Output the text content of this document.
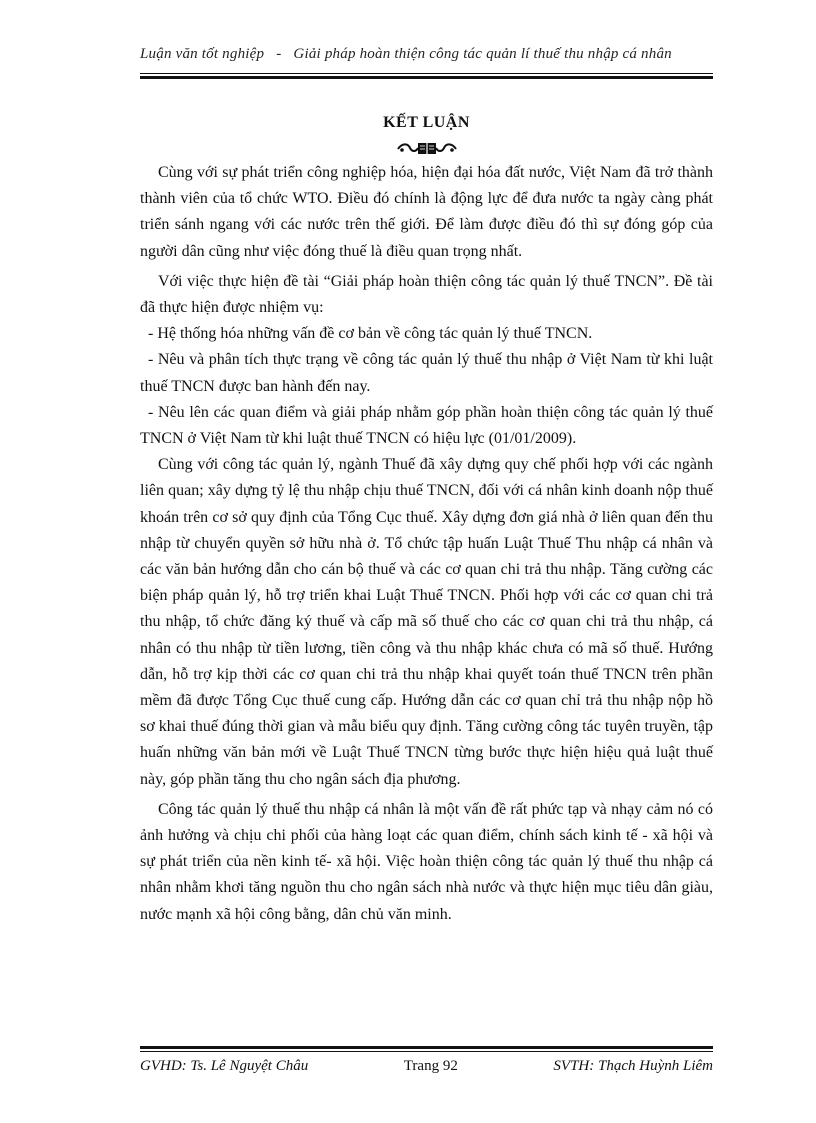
Luận văn tốt nghiệp - Giải pháp hoàn thiện công tác quản lí thuế thu nhập cá nhân
KẾT LUẬN

Cùng với sự phát triển công nghiệp hóa, hiện đại hóa đất nước, Việt Nam đã trở thành thành viên của tổ chức WTO. Điều đó chính là động lực để đưa nước ta ngày càng phát triển sánh ngang với các nước trên thế giới. Để làm được điều đó thì sự đóng góp của người dân cũng như việc đóng thuế là điều quan trọng nhất.

Với việc thực hiện đề tài “Giải pháp hoàn thiện công tác quản lý thuế TNCN”. Đề tài đã thực hiện được nhiệm vụ:

- Hệ thống hóa những vấn đề cơ bản về công tác quản lý thuế TNCN.

- Nêu và phân tích thực trạng về công tác quản lý thuế thu nhập ở Việt Nam từ khi luật thuế TNCN được ban hành đến nay.

- Nêu lên các quan điểm và giải pháp nhằm góp phần hoàn thiện công tác quản lý thuế TNCN ở Việt Nam từ khi luật thuế TNCN có hiệu lực (01/01/2009).

Cùng với công tác quản lý, ngành Thuế đã xây dựng quy chế phối hợp với các ngành liên quan; xây dựng tỷ lệ thu nhập chịu thuế TNCN, đối với cá nhân kinh doanh nộp thuế khoán trên cơ sở quy định của Tổng Cục thuế. Xây dựng đơn giá nhà ở liên quan đến thu nhập từ chuyển quyền sở hữu nhà ở. Tổ chức tập huấn Luật Thuế Thu nhập cá nhân và các văn bản hướng dẫn cho cán bộ thuế và các cơ quan chi trả thu nhập. Tăng cường các biện pháp quản lý, hỗ trợ triển khai Luật Thuế TNCN. Phối hợp với các cơ quan chi trả thu nhập, tổ chức đăng ký thuế và cấp mã số thuế cho các cơ quan chi trả thu nhập, cá nhân có thu nhập từ tiền lương, tiền công và thu nhập khác chưa có mã số thuế. Hướng dẫn, hỗ trợ kịp thời các cơ quan chi trả thu nhập khai quyết toán thuế TNCN trên phần mềm đã được Tổng Cục thuế cung cấp. Hướng dẫn các cơ quan chỉ trả thu nhập nộp hồ sơ khai thuế đúng thời gian và mẫu biểu quy định. Tăng cường công tác tuyên truyền, tập huấn những văn bản mới về Luật Thuế TNCN từng bước thực hiện hiệu quả luật thuế này, góp phần tăng thu cho ngân sách địa phương.

Công tác quản lý thuế thu nhập cá nhân là một vấn đề rất phức tạp và nhạy cảm nó có ảnh hưởng và chịu chi phối của hàng loạt các quan điểm, chính sách kinh tế - xã hội và sự phát triển của nền kinh tế- xã hội. Việc hoàn thiện công tác quản lý thuế thu nhập cá nhân nhằm khơi tăng nguồn thu cho ngân sách nhà nước và thực hiện mục tiêu dân giàu, nước mạnh xã hội công bằng, dân chủ văn minh.

GVHD: Ts. Lê Nguyệt Châu	Trang 92	SVTH: Thạch Huỳnh Liêm
